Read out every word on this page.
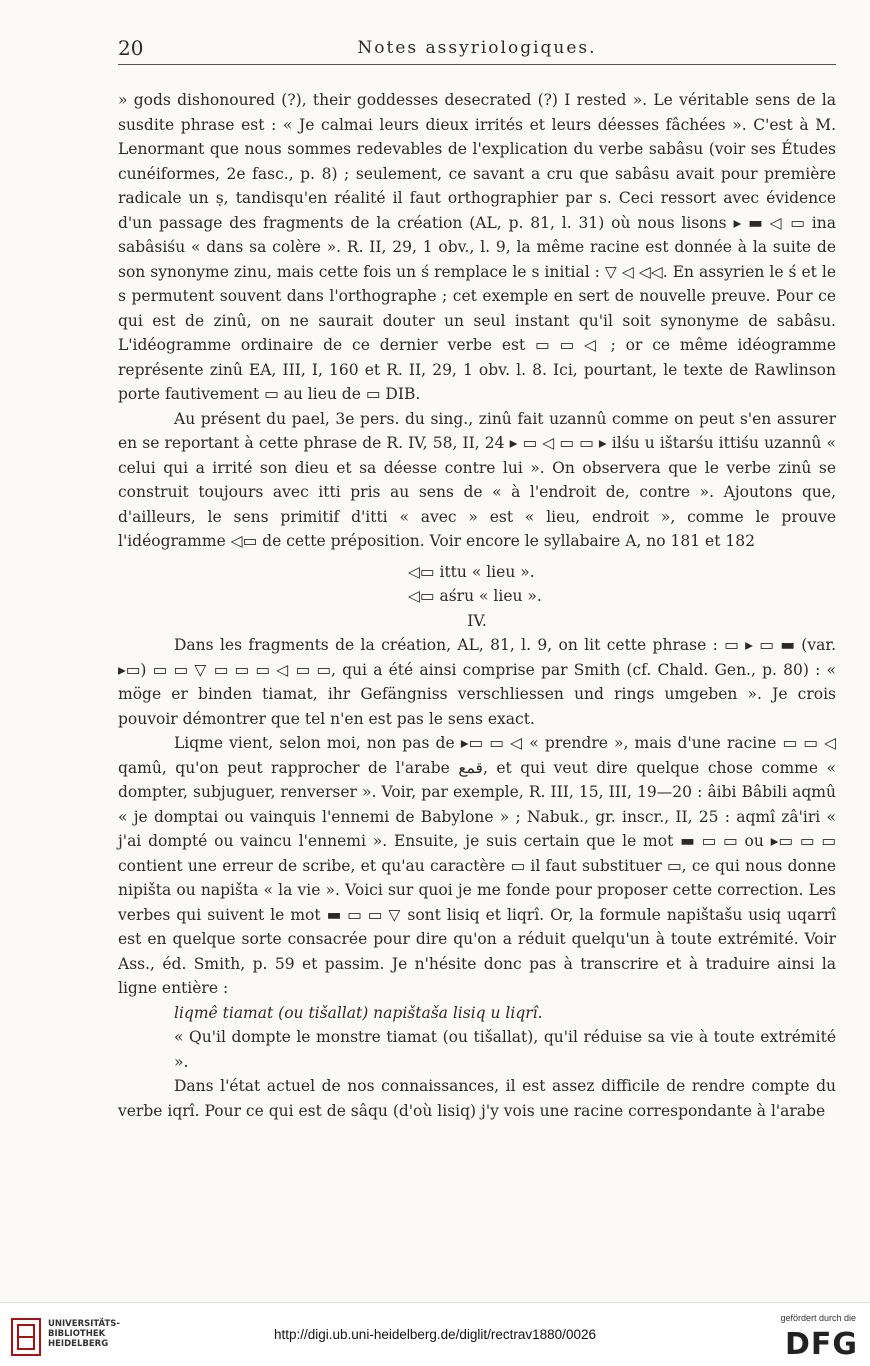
20	Notes assyriologiques.

» gods dishonoured (?), their goddesses desecrated (?) I rested ». Le véritable sens de la susdite phrase est : « Je calmai leurs dieux irrités et leurs déesses fâchées ». C'est à M. Lenormant que nous sommes redevables de l'explication du verbe sabâsu (voir ses Études cunéiformes, 2e fasc., p. 8) ; seulement, ce savant a cru que sabâsu avait pour première radicale un ṣ, tandisqu'en réalité il faut orthographier par s. Ceci ressort avec évidence d'un passage des fragments de la création (AL, p. 81, l. 31) où nous lisons ▸ ▬ ◁ ▭ ina sabâsiśu « dans sa colère ». R. II, 29, 1 obv., l. 9, la même racine est donnée à la suite de son synonyme zinu, mais cette fois un ś remplace le s initial : ▽ ◁ ◁◁. En assyrien le ś et le s permutent souvent dans l'orthographe ; cet exemple en sert de nouvelle preuve. Pour ce qui est de zinû, on ne saurait douter un seul instant qu'il soit synonyme de sabâsu. L'idéogramme ordinaire de ce dernier verbe est ▭ ▭ ◁ ; or ce même idéogramme représente zinû EA, III, I, 160 et R. II, 29, 1 obv. l. 8. Ici, pourtant, le texte de Rawlinson porte fautivement ▭ au lieu de ▭ DIB.

Au présent du pael, 3e pers. du sing., zinû fait uzannû comme on peut s'en assurer en se reportant à cette phrase de R. IV, 58, II, 24 ▸ ▭ ◁ ▭ ▭ ▸ ilśu u ištarśu ittiśu uzannû « celui qui a irrité son dieu et sa déesse contre lui ». On observera que le verbe zinû se construit toujours avec itti pris au sens de « à l'endroit de, contre ». Ajoutons que, d'ailleurs, le sens primitif d'itti « avec » est « lieu, endroit », comme le prouve l'idéogramme ◁▭ de cette préposition. Voir encore le syllabaire A, no 181 et 182

◁▭ ittu « lieu ».

◁▭ aśru « lieu ».

IV.

Dans les fragments de la création, AL, 81, l. 9, on lit cette phrase : ▭ ▸ ▭ ▬ (var. ▸▭) ▭ ▭ ▽ ▭ ▭ ▭ ◁ ▭ ▭, qui a été ainsi comprise par Smith (cf. Chald. Gen., p. 80) : « möge er binden tiamat, ihr Gefängniss verschliessen und rings umgeben ». Je crois pouvoir démontrer que tel n'en est pas le sens exact.

Liqme vient, selon moi, non pas de ▸▭ ▭ ◁ « prendre », mais d'une racine ▭ ▭ ◁ qamû, qu'on peut rapprocher de l'arabe قمع, et qui veut dire quelque chose comme « dompter, subjuguer, renverser ». Voir, par exemple, R. III, 15, III, 19—20 : âibi Bâbili aqmû « je domptai ou vainquis l'ennemi de Babylone » ; Nabuk., gr. inscr., II, 25 : aqmî zâ'iri « j'ai dompté ou vaincu l'ennemi ». Ensuite, je suis certain que le mot ▬ ▭ ▭ ou ▸▭ ▭ ▭ contient une erreur de scribe, et qu'au caractère ▭ il faut substituer ▭, ce qui nous donne nipišta ou napišta « la vie ». Voici sur quoi je me fonde pour proposer cette correction. Les verbes qui suivent le mot ▬ ▭ ▭ ▽ sont lisiq et liqrî. Or, la formule napištašu usiq uqarrî est en quelque sorte consacrée pour dire qu'on a réduit quelqu'un à toute extrémité. Voir Ass., éd. Smith, p. 59 et passim. Je n'hésite donc pas à transcrire et à traduire ainsi la ligne entière :

liqmê tiamat (ou tišallat) napištaša lisiq u liqrî.

« Qu'il dompte le monstre tiamat (ou tišallat), qu'il réduise sa vie à toute extrémité ».

Dans l'état actuel de nos connaissances, il est assez difficile de rendre compte du verbe iqrî. Pour ce qui est de sâqu (d'où lisiq) j'y vois une racine correspondante à l'arabe

UNIVERSITÄTS-
BIBLIOTHEK
HEIDELBERG
http://digi.ub.uni-heidelberg.de/diglit/rectrav1880/0026
gefördert durch die
DFG
